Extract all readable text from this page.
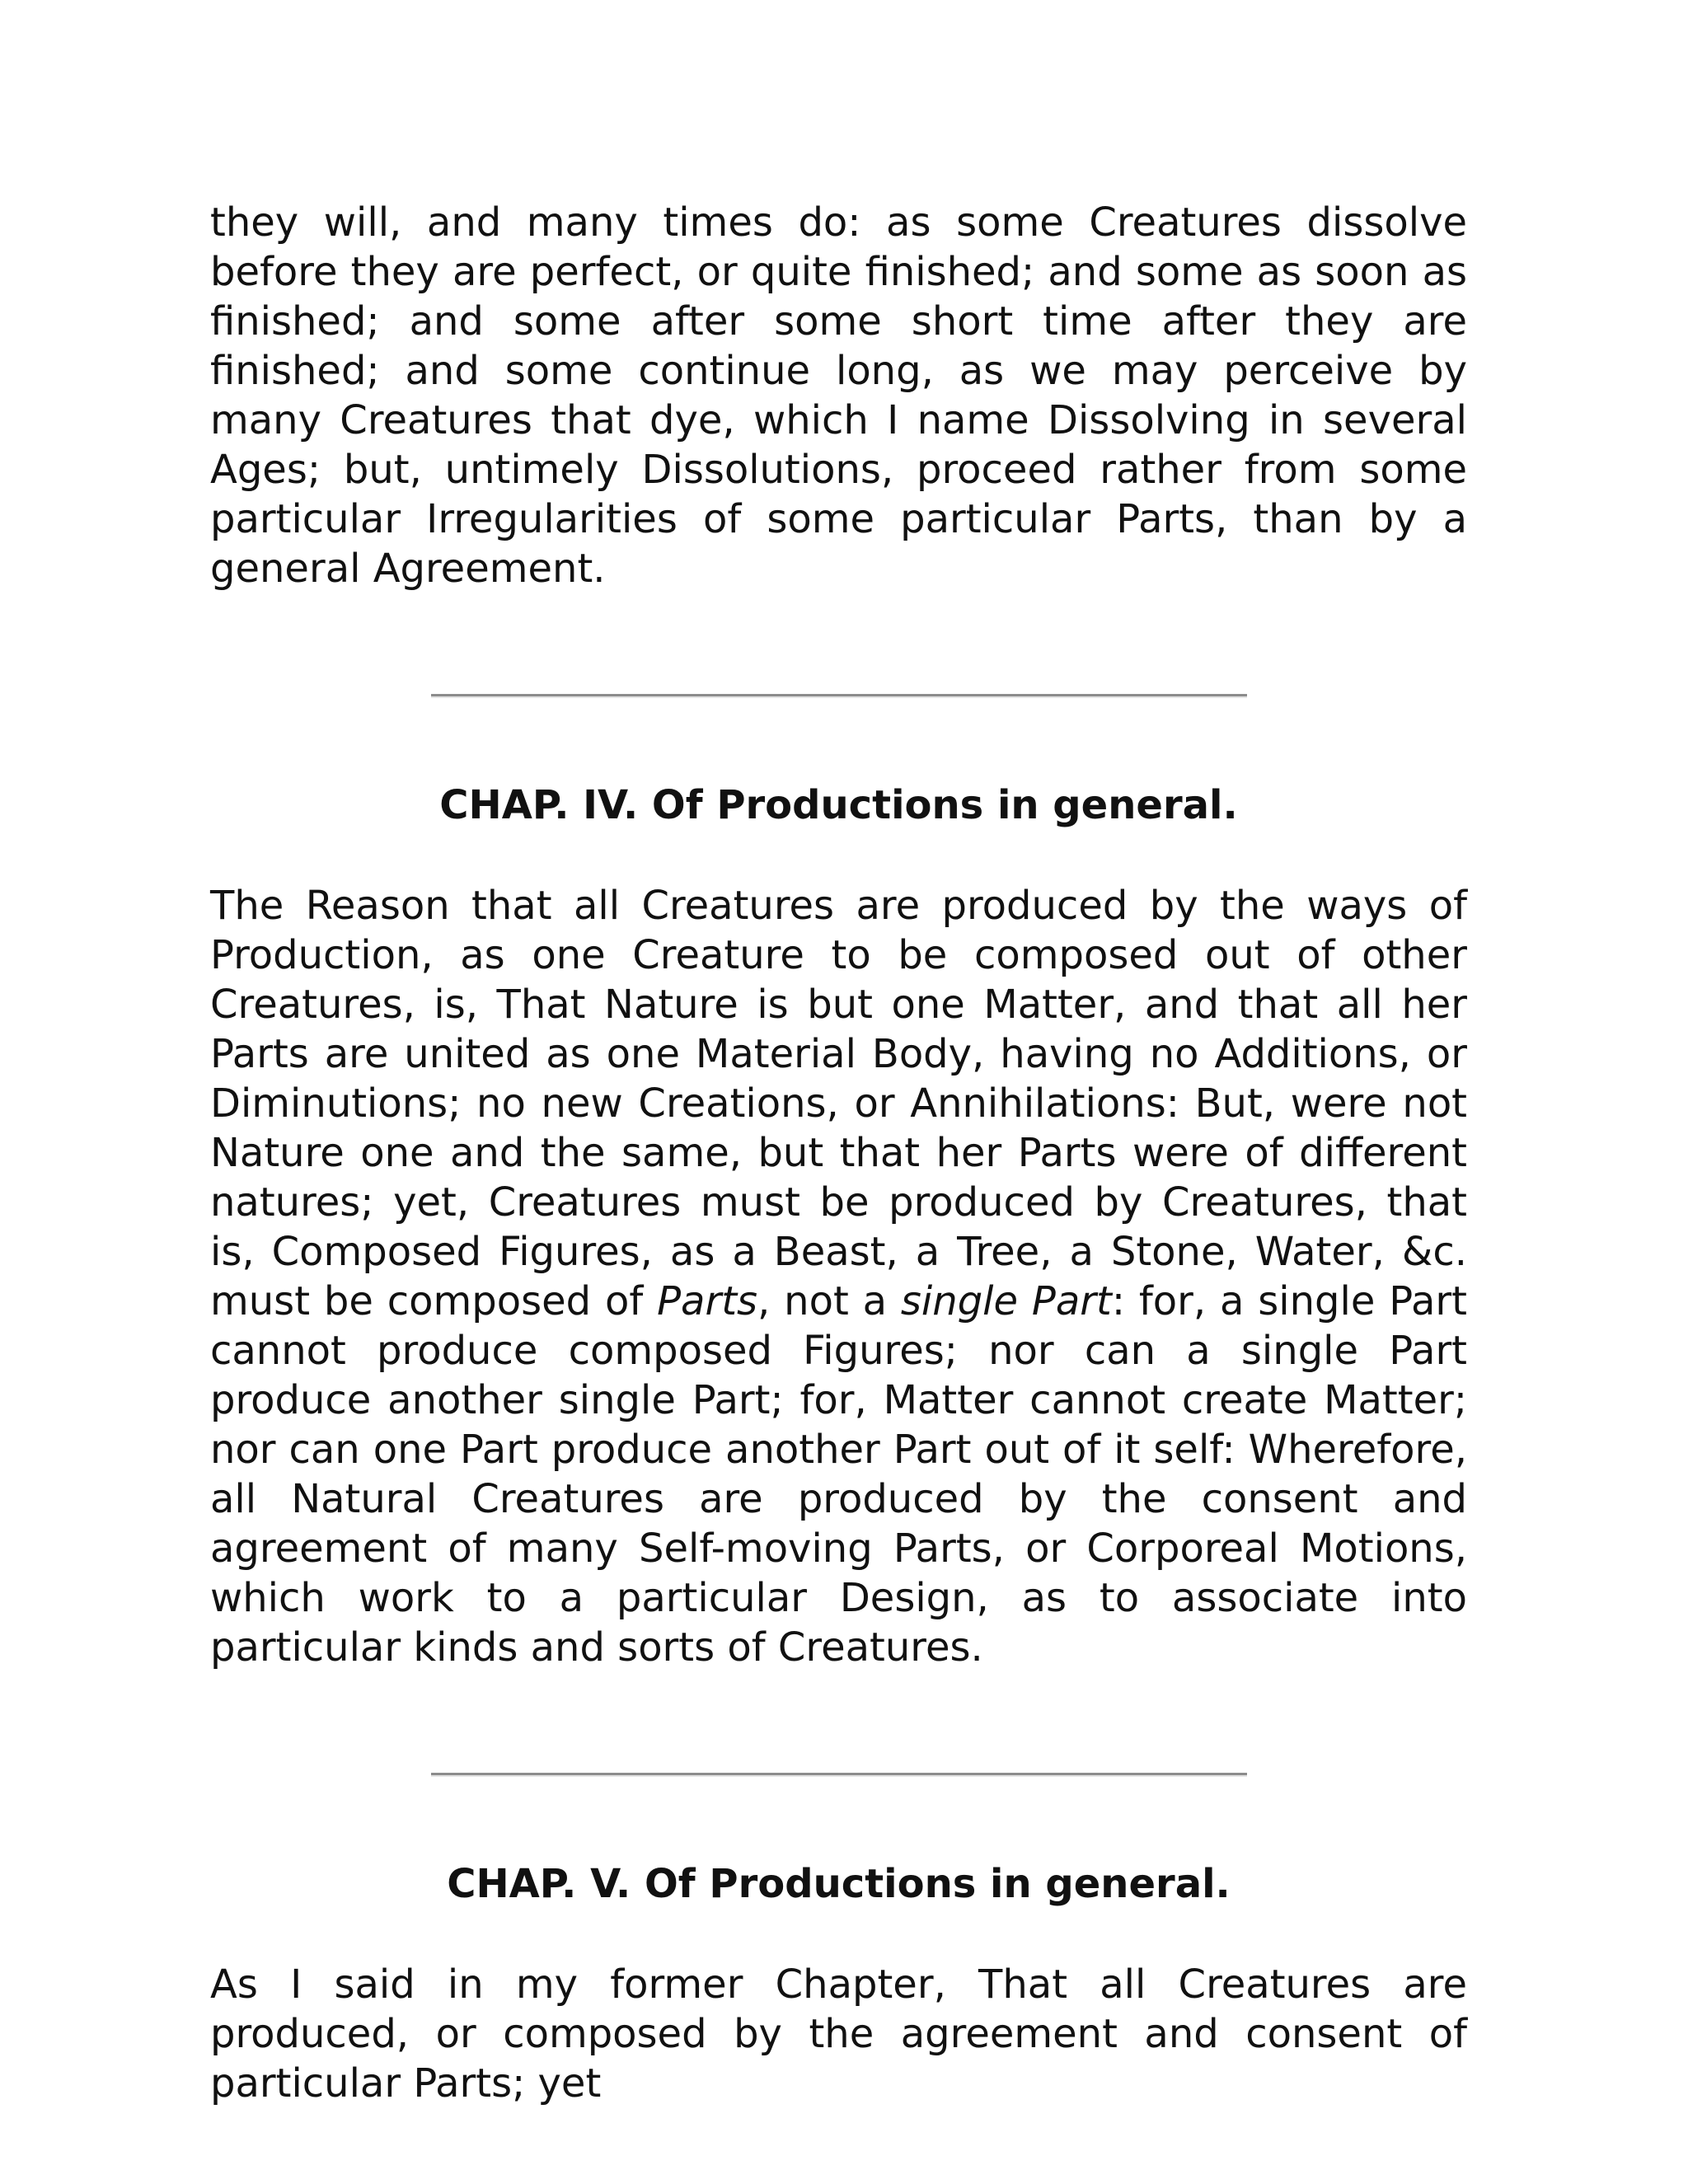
they will, and many times do: as some Creatures dissolve before they are perfect, or quite finished; and some as soon as finished; and some after some short time after they are finished; and some continue long, as we may perceive by many Creatures that dye, which I name Dissolving in several Ages; but, untimely Dissolutions, proceed rather from some particular Irregularities of some particular Parts, than by a general Agreement.

CHAP. IV. Of Productions in general.

The Reason that all Creatures are produced by the ways of Production, as one Creature to be composed out of other Creatures, is, That Nature is but one Matter, and that all her Parts are united as one Material Body, having no Additions, or Diminutions; no new Creations, or Annihilations: But, were not Nature one and the same, but that her Parts were of different natures; yet, Creatures must be produced by Creatures, that is, Composed Figures, as a Beast, a Tree, a Stone, Water, &c. must be composed of Parts, not a single Part: for, a single Part cannot produce composed Figures; nor can a single Part produce another single Part; for, Matter cannot create Matter; nor can one Part produce another Part out of it self: Wherefore, all Natural Creatures are produced by the consent and agreement of many Self-moving Parts, or Corporeal Motions, which work to a particular Design, as to associate into particular kinds and sorts of Creatures.

CHAP. V. Of Productions in general.

As I said in my former Chapter, That all Creatures are produced, or composed by the agreement and consent of particular Parts; yet
